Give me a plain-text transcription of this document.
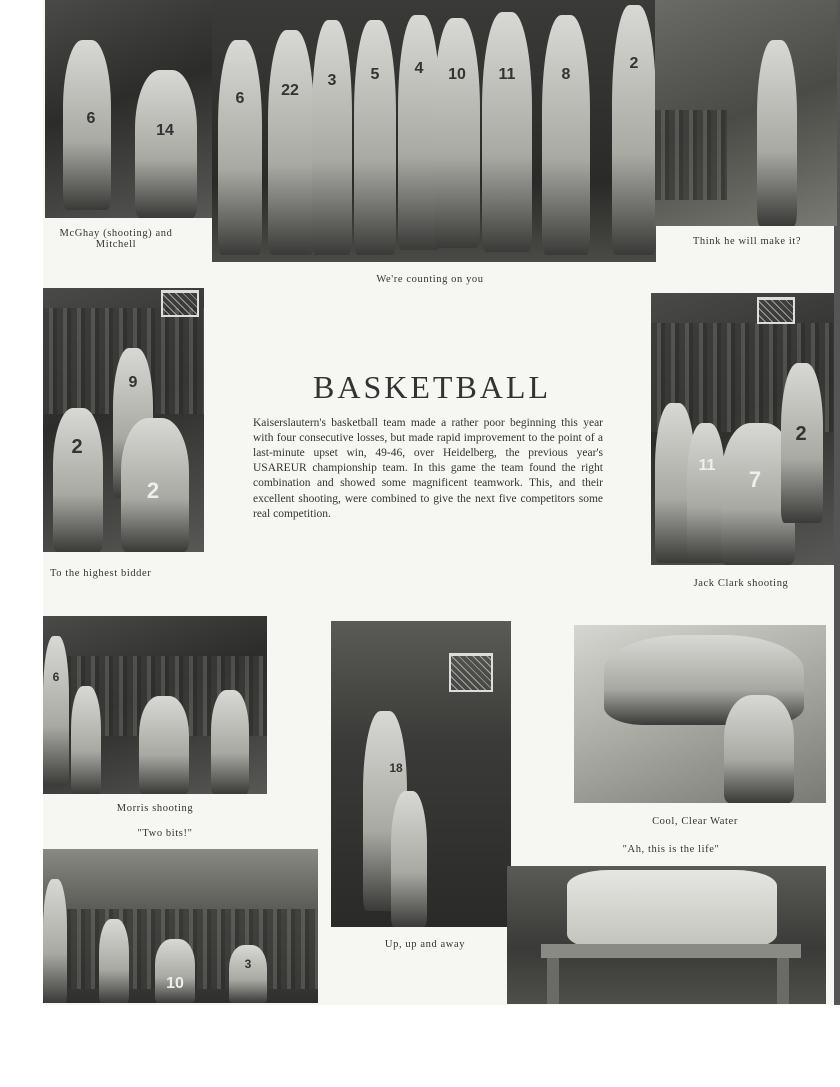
6
14
McGhay (shooting) and Mitchell
6	22
3	5	4	10	11	8
2
We're counting on you
Think he will make it?
9
2
2
To the highest bidder
BASKETBALL

Kaiserslautern's basketball team made a rather poor beginning this year with four consecutive losses, but made rapid improvement to the point of a last-minute upset win, 49-46, over Heidelberg, the previous year's USAREUR championship team. In this game the team found the right combination and showed some magnificent teamwork. This, and their excellent shooting, were combined to give the next five competitors some real competition.

11
7
2
Jack Clark shooting
6
Morris shooting
"Two bits!"
18
Up, up and away
Cool, Clear Water
"Ah, this is the life"
10
3
